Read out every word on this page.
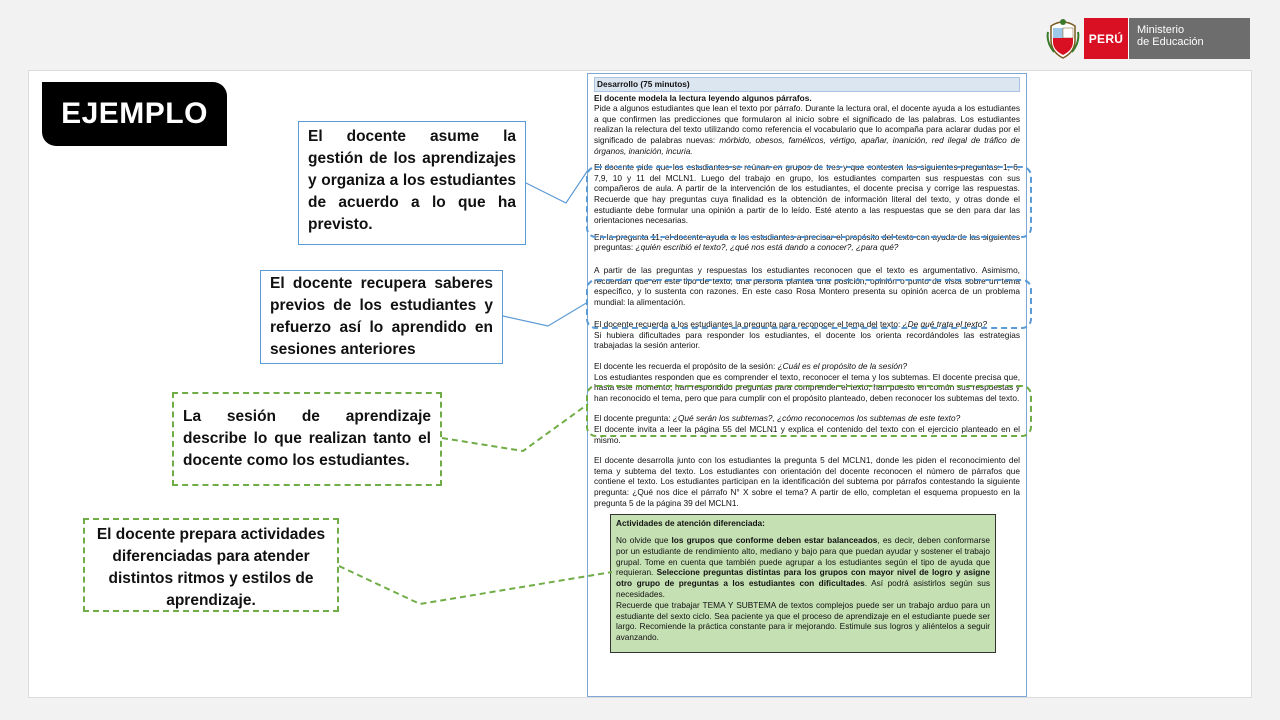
PERÚ
Ministerio
de Educación
EJEMPLO
Desarrollo (75 minutos)
El docente modela la lectura leyendo algunos párrafos.

Pide a algunos estudiantes que lean el texto por párrafo. Durante la lectura oral, el docente ayuda a los estudiantes a que confirmen las predicciones que formularon al inicio sobre el significado de las palabras. Los estudiantes realizan la relectura del texto utilizando como referencia el vocabulario que lo acompaña para aclarar dudas por el significado de palabras nuevas: mórbido, obesos, famélicos, vértigo, apañar, inanición, red ilegal de tráfico de órganos, inanición, incuria.

El docente pide que los estudiantes se reúnan en grupos de tres y que contesten las siguientes preguntas: 1, 6, 7,9, 10 y 11 del MCLN1. Luego del trabajo en grupo, los estudiantes comparten sus respuestas con sus compañeros de aula. A partir de la intervención de los estudiantes, el docente precisa y corrige las respuestas. Recuerde que hay preguntas cuya finalidad es la obtención de información literal del texto, y otras donde el estudiante debe formular una opinión a partir de lo leído. Esté atento a las respuestas que se den para dar las orientaciones necesarias.

En la pregunta 11, el docente ayuda a los estudiantes a precisar el propósito del texto con ayuda de las siguientes preguntas: ¿quién escribió el texto?, ¿qué nos está dando a conocer?, ¿para qué?

A partir de las preguntas y respuestas los estudiantes reconocen que el texto es argumentativo. Asimismo, recuerdan que en este tipo de texto, una persona plantea una posición, opinión o punto de vista sobre un tema específico, y lo sustenta con razones. En este caso Rosa Montero presenta su opinión acerca de un problema mundial: la alimentación.

El docente recuerda a los estudiantes la pregunta para reconocer el tema del texto: ¿De qué trata el texto?
Si hubiera dificultades para responder los estudiantes, el docente los orienta recordándoles las estrategias trabajadas la sesión anterior.

El docente les recuerda el propósito de la sesión: ¿Cuál es el propósito de la sesión?
Los estudiantes responden que es comprender el texto, reconocer el tema y los subtemas. El docente precisa que, hasta este momento, han respondido preguntas para comprender el texto, han puesto en común sus respuestas y han reconocido el tema, pero que para cumplir con el propósito planteado, deben reconocer los subtemas del texto.

El docente pregunta: ¿Qué serán los subtemas?, ¿cómo reconocemos los subtemas de este texto?
El docente invita a leer la página 55 del MCLN1 y explica el contenido del texto con el ejercicio planteado en el mismo.

El docente desarrolla junto con los estudiantes la pregunta 5 del MCLN1, donde les piden el reconocimiento del tema y subtema del texto. Los estudiantes con orientación del docente reconocen el número de párrafos que contiene el texto. Los estudiantes participan en la identificación del subtema por párrafos contestando la siguiente pregunta: ¿Qué nos dice el párrafo N° X sobre el tema? A partir de ello, completan el esquema propuesto en la pregunta 5 de la página 39 del MCLN1.

Actividades de atención diferenciada:

No olvide que los grupos que conforme deben estar balanceados, es decir, deben conformarse por un estudiante de rendimiento alto, mediano y bajo para que puedan ayudar y sostener el trabajo grupal. Tome en cuenta que también puede agrupar a los estudiantes según el tipo de ayuda que requieran. Seleccione preguntas distintas para los grupos con mayor nivel de logro y asigne otro grupo de preguntas a los estudiantes con dificultades. Así podrá asistirlos según sus necesidades.
Recuerde que trabajar TEMA Y SUBTEMA de textos complejos puede ser un trabajo arduo para un estudiante del sexto ciclo. Sea paciente ya que el proceso de aprendizaje en el estudiante puede ser largo. Recomiende la práctica constante para ir mejorando. Estimule sus logros y aliéntelos a seguir avanzando.

El docente asume la gestión de los aprendizajes y organiza a los estudiantes de acuerdo a lo que ha previsto.
El docente recupera saberes previos de los estudiantes y refuerzo así lo aprendido en sesiones anteriores
La sesión de aprendizaje describe lo que realizan tanto el docente como los estudiantes.
El docente prepara actividades diferenciadas para atender distintos ritmos y estilos de aprendizaje.
